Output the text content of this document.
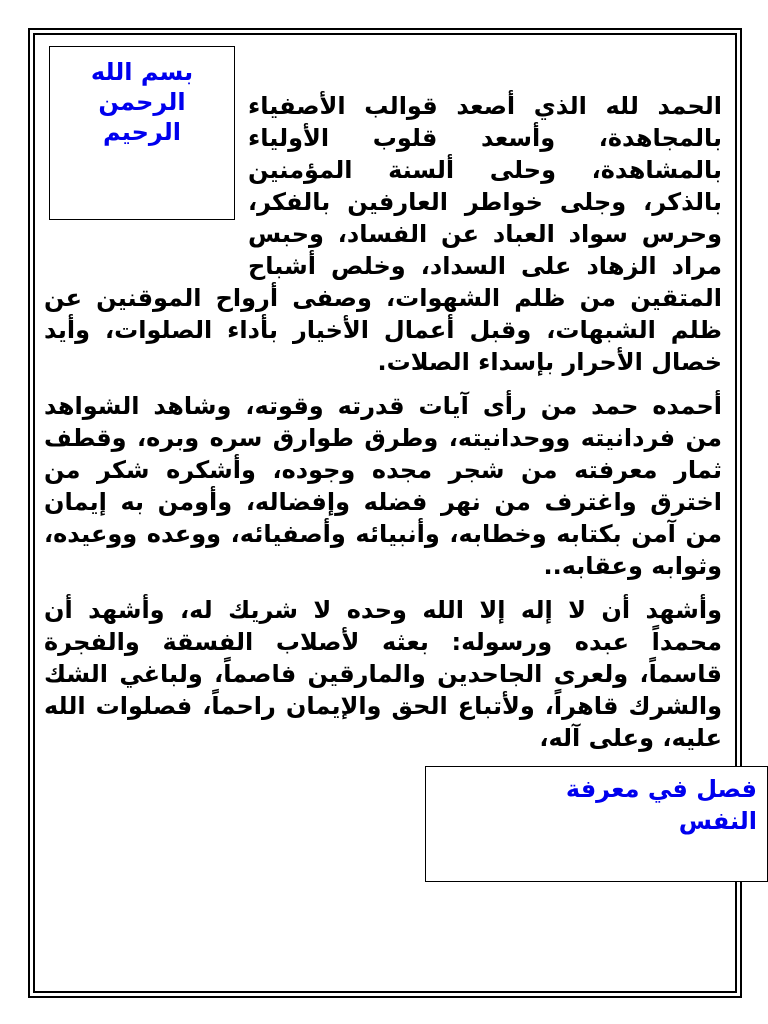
بسم الله
الرحمن
الرحيم

الحمد لله الذي أصعد قوالب الأصفياء بالمجاهدة، وأسعد قلوب الأولياء بالمشاهدة، وحلى ألسنة المؤمنين بالذكر، وجلى خواطر العارفين بالفكر، وحرس سواد العباد عن الفساد، وحبس مراد الزهاد على السداد، وخلص أشباح المتقين من ظلم الشهوات، وصفى أرواح الموقنين عن ظلم الشبهات، وقبل أعمال الأخيار بأداء الصلوات، وأيد خصال الأحرار بإسداء الصلات.

أحمده حمد من رأى آيات قدرته وقوته، وشاهد الشواهد من فردانيته ووحدانيته، وطرق طوارق سره وبره، وقطف ثمار معرفته من شجر مجده وجوده، وأشكره شكر من اخترق واغترف من نهر فضله وإفضاله، وأومن به إيمان من آمن بكتابه وخطابه، وأنبيائه وأصفيائه، ووعده ووعيده، وثوابه وعقابه..

وأشهد أن لا إله إلا الله وحده لا شريك له، وأشهد أن محمداً عبده ورسوله: بعثه لأصلاب الفسقة والفجرة قاسماً، ولعرى الجاحدين والمارقين فاصماً، ولباغي الشك والشرك قاهراً، ولأتباع الحق والإيمان راحماً، فصلوات الله عليه، وعلى آله،

فصل في معرفة
النفس
